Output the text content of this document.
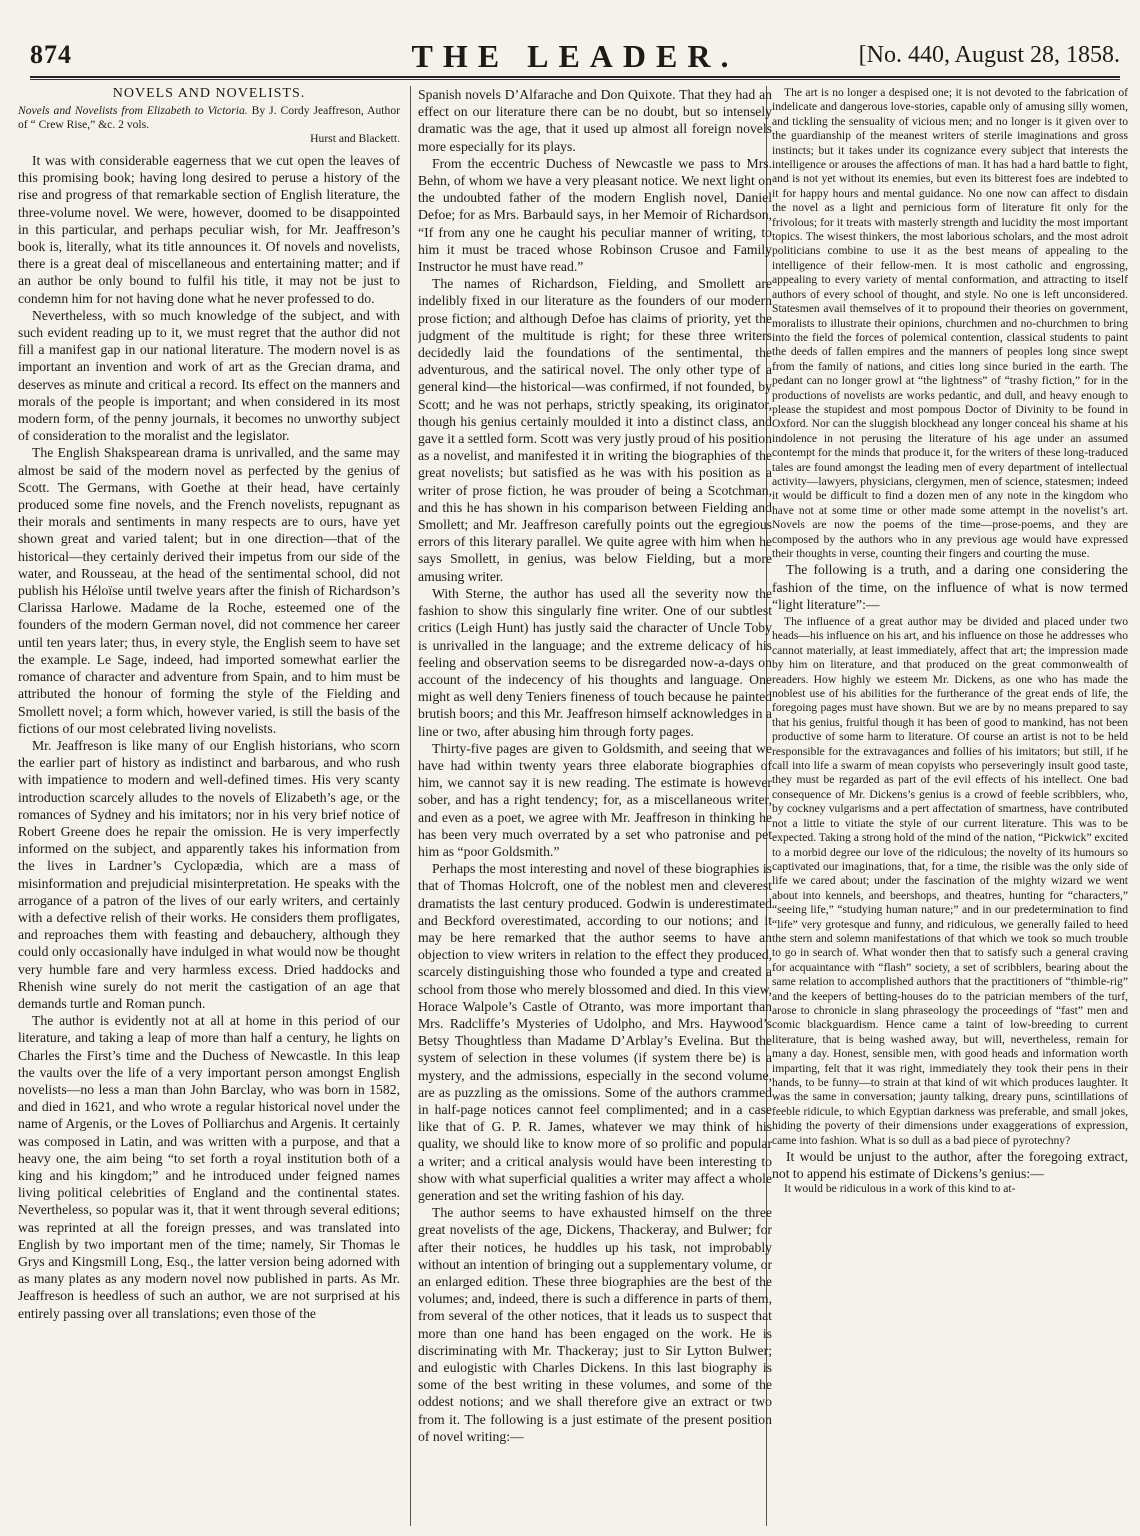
874	THE LEADER.	[No. 440, August 28, 1858.
NOVELS AND NOVELISTS.
Novels and Novelists from Elizabeth to Victoria. By J. Cordy Jeaffreson, Author of “ Crew Rise,” &c. 2 vols.
Hurst and Blackett.

It was with considerable eagerness that we cut open the leaves of this promising book; having long desired to peruse a history of the rise and progress of that remarkable section of English literature, the three-volume novel. We were, however, doomed to be disappointed in this particular, and perhaps peculiar wish, for Mr. Jeaffreson’s book is, literally, what its title announces it. Of novels and novelists, there is a great deal of miscellaneous and entertaining matter; and if an author be only bound to fulfil his title, it may not be just to condemn him for not having done what he never professed to do.

Nevertheless, with so much knowledge of the subject, and with such evident reading up to it, we must regret that the author did not fill a manifest gap in our national literature. The modern novel is as important an invention and work of art as the Grecian drama, and deserves as minute and critical a record. Its effect on the manners and morals of the people is important; and when considered in its most modern form, of the penny journals, it becomes no unworthy subject of consideration to the moralist and the legislator.

The English Shakspearean drama is unrivalled, and the same may almost be said of the modern novel as perfected by the genius of Scott. The Germans, with Goethe at their head, have certainly produced some fine novels, and the French novelists, repugnant as their morals and sentiments in many respects are to ours, have yet shown great and varied talent; but in one direction—that of the historical—they certainly derived their impetus from our side of the water, and Rousseau, at the head of the sentimental school, did not publish his Héloïse until twelve years after the finish of Richardson’s Clarissa Harlowe. Madame de la Roche, esteemed one of the founders of the modern German novel, did not commence her career until ten years later; thus, in every style, the English seem to have set the example. Le Sage, indeed, had imported somewhat earlier the romance of character and adventure from Spain, and to him must be attributed the honour of forming the style of the Fielding and Smollett novel; a form which, however varied, is still the basis of the fictions of our most celebrated living novelists.

Mr. Jeaffreson is like many of our English historians, who scorn the earlier part of history as indistinct and barbarous, and who rush with impatience to modern and well-defined times. His very scanty introduction scarcely alludes to the novels of Elizabeth’s age, or the romances of Sydney and his imitators; nor in his very brief notice of Robert Greene does he repair the omission. He is very imperfectly informed on the subject, and apparently takes his information from the lives in Lardner’s Cyclopædia, which are a mass of misinformation and prejudicial misinterpretation. He speaks with the arrogance of a patron of the lives of our early writers, and certainly with a defective relish of their works. He considers them profligates, and reproaches them with feasting and debauchery, although they could only occasionally have indulged in what would now be thought very humble fare and very harmless excess. Dried haddocks and Rhenish wine surely do not merit the castigation of an age that demands turtle and Roman punch.

The author is evidently not at all at home in this period of our literature, and taking a leap of more than half a century, he lights on Charles the First’s time and the Duchess of Newcastle. In this leap the vaults over the life of a very important person amongst English novelists—no less a man than John Barclay, who was born in 1582, and died in 1621, and who wrote a regular historical novel under the name of Argenis, or the Loves of Polliarchus and Argenis. It certainly was composed in Latin, and was written with a purpose, and that a heavy one, the aim being “to set forth a royal institution both of a king and his kingdom;” and he introduced under feigned names living political celebrities of England and the continental states. Nevertheless, so popular was it, that it went through several editions; was reprinted at all the foreign presses, and was translated into English by two important men of the time; namely, Sir Thomas le Grys and Kingsmill Long, Esq., the latter version being adorned with as many plates as any modern novel now published in parts. As Mr. Jeaffreson is heedless of such an author, we are not surprised at his entirely passing over all translations; even those of the

Spanish novels D’Alfarache and Don Quixote. That they had an effect on our literature there can be no doubt, but so intensely dramatic was the age, that it used up almost all foreign novels more especially for its plays.

From the eccentric Duchess of Newcastle we pass to Mrs. Behn, of whom we have a very pleasant notice. We next light on the undoubted father of the modern English novel, Daniel Defoe; for as Mrs. Barbauld says, in her Memoir of Richardson, “If from any one he caught his peculiar manner of writing, to him it must be traced whose Robinson Crusoe and Family Instructor he must have read.”

The names of Richardson, Fielding, and Smollett are indelibly fixed in our literature as the founders of our modern prose fiction; and although Defoe has claims of priority, yet the judgment of the multitude is right; for these three writers decidedly laid the foundations of the sentimental, the adventurous, and the satirical novel. The only other type of a general kind—the historical—was confirmed, if not founded, by Scott; and he was not perhaps, strictly speaking, its originator, though his genius certainly moulded it into a distinct class, and gave it a settled form. Scott was very justly proud of his position as a novelist, and manifested it in writing the biographies of the great novelists; but satisfied as he was with his position as a writer of prose fiction, he was prouder of being a Scotchman, and this he has shown in his comparison between Fielding and Smollett; and Mr. Jeaffreson carefully points out the egregious errors of this literary parallel. We quite agree with him when he says Smollett, in genius, was below Fielding, but a more amusing writer.

With Sterne, the author has used all the severity now the fashion to show this singularly fine writer. One of our subtlest critics (Leigh Hunt) has justly said the character of Uncle Toby is unrivalled in the language; and the extreme delicacy of his feeling and observation seems to be disregarded now-a-days on account of the indecency of his thoughts and language. One might as well deny Teniers fineness of touch because he painted brutish boors; and this Mr. Jeaffreson himself acknowledges in a line or two, after abusing him through forty pages.

Thirty-five pages are given to Goldsmith, and seeing that we have had within twenty years three elaborate biographies of him, we cannot say it is new reading. The estimate is however sober, and has a right tendency; for, as a miscellaneous writer, and even as a poet, we agree with Mr. Jeaffreson in thinking he has been very much overrated by a set who patronise and pet him as “poor Goldsmith.”

Perhaps the most interesting and novel of these biographies is that of Thomas Holcroft, one of the noblest men and cleverest dramatists the last century produced. Godwin is underestimated and Beckford overestimated, according to our notions; and it may be here remarked that the author seems to have an objection to view writers in relation to the effect they produced, scarcely distinguishing those who founded a type and created a school from those who merely blossomed and died. In this view, Horace Walpole’s Castle of Otranto, was more important than Mrs. Radcliffe’s Mysteries of Udolpho, and Mrs. Haywood’s Betsy Thoughtless than Madame D’Arblay’s Evelina. But the system of selection in these volumes (if system there be) is a mystery, and the admissions, especially in the second volume, are as puzzling as the omissions. Some of the authors crammed in half-page notices cannot feel complimented; and in a case like that of G. P. R. James, whatever we may think of his quality, we should like to know more of so prolific and popular a writer; and a critical analysis would have been interesting to show with what superficial qualities a writer may affect a whole generation and set the writing fashion of his day.

The author seems to have exhausted himself on the three great novelists of the age, Dickens, Thackeray, and Bulwer; for after their notices, he huddles up his task, not improbably without an intention of bringing out a supplementary volume, or an enlarged edition. These three biographies are the best of the volumes; and, indeed, there is such a difference in parts of them, from several of the other notices, that it leads us to suspect that more than one hand has been engaged on the work. He is discriminating with Mr. Thackeray; just to Sir Lytton Bulwer; and eulogistic with Charles Dickens. In this last biography is some of the best writing in these volumes, and some of the oddest notions; and we shall therefore give an extract or two from it. The following is a just estimate of the present position of novel writing:—

The art is no longer a despised one; it is not devoted to the fabrication of indelicate and dangerous love-stories, capable only of amusing silly women, and tickling the sensuality of vicious men; and no longer is it given over to the guardianship of the meanest writers of sterile imaginations and gross instincts; but it takes under its cognizance every subject that interests the intelligence or arouses the affections of man. It has had a hard battle to fight, and is not yet without its enemies, but even its bitterest foes are indebted to it for happy hours and mental guidance. No one now can affect to disdain the novel as a light and pernicious form of literature fit only for the frivolous; for it treats with masterly strength and lucidity the most important topics. The wisest thinkers, the most laborious scholars, and the most adroit politicians combine to use it as the best means of appealing to the intelligence of their fellow-men. It is most catholic and engrossing, appealing to every variety of mental conformation, and attracting to itself authors of every school of thought, and style. No one is left unconsidered. Statesmen avail themselves of it to propound their theories on government, moralists to illustrate their opinions, churchmen and no-churchmen to bring into the field the forces of polemical contention, classical students to paint the deeds of fallen empires and the manners of peoples long since swept from the family of nations, and cities long since buried in the earth. The pedant can no longer growl at “the lightness” of “trashy fiction,” for in the productions of novelists are works pedantic, and dull, and heavy enough to please the stupidest and most pompous Doctor of Divinity to be found in Oxford. Nor can the sluggish blockhead any longer conceal his shame at his indolence in not perusing the literature of his age under an assumed contempt for the minds that produce it, for the writers of these long-traduced tales are found amongst the leading men of every department of intellectual activity—lawyers, physicians, clergymen, men of science, statesmen; indeed it would be difficult to find a dozen men of any note in the kingdom who have not at some time or other made some attempt in the novelist’s art. Novels are now the poems of the time—prose-poems, and they are composed by the authors who in any previous age would have expressed their thoughts in verse, counting their fingers and courting the muse.

The following is a truth, and a daring one considering the fashion of the time, on the influence of what is now termed “light literature”:—

The influence of a great author may be divided and placed under two heads—his influence on his art, and his influence on those he addresses who cannot materially, at least immediately, affect that art; the impression made by him on literature, and that produced on the great commonwealth of readers. How highly we esteem Mr. Dickens, as one who has made the noblest use of his abilities for the furtherance of the great ends of life, the foregoing pages must have shown. But we are by no means prepared to say that his genius, fruitful though it has been of good to mankind, has not been productive of some harm to literature. Of course an artist is not to be held responsible for the extravagances and follies of his imitators; but still, if he call into life a swarm of mean copyists who perseveringly insult good taste, they must be regarded as part of the evil effects of his intellect. One bad consequence of Mr. Dickens’s genius is a crowd of feeble scribblers, who, by cockney vulgarisms and a pert affectation of smartness, have contributed not a little to vitiate the style of our current literature. This was to be expected. Taking a strong hold of the mind of the nation, “Pickwick” excited to a morbid degree our love of the ridiculous; the novelty of its humours so captivated our imaginations, that, for a time, the risible was the only side of life we cared about; under the fascination of the mighty wizard we went about into kennels, and beershops, and theatres, hunting for “characters,” “seeing life,” “studying human nature;” and in our predetermination to find “life” very grotesque and funny, and ridiculous, we generally failed to heed the stern and solemn manifestations of that which we took so much trouble to go in search of. What wonder then that to satisfy such a general craving for acquaintance with “flash” society, a set of scribblers, bearing about the same relation to accomplished authors that the practitioners of “thimble-rig” and the keepers of betting-houses do to the patrician members of the turf, arose to chronicle in slang phraseology the proceedings of “fast” men and comic blackguardism. Hence came a taint of low-breeding to current literature, that is being washed away, but will, nevertheless, remain for many a day. Honest, sensible men, with good heads and information worth imparting, felt that it was right, immediately they took their pens in their hands, to be funny—to strain at that kind of wit which produces laughter. It was the same in conversation; jaunty talking, dreary puns, scintillations of feeble ridicule, to which Egyptian darkness was preferable, and small jokes, hiding the poverty of their dimensions under exaggerations of expression, came into fashion. What is so dull as a bad piece of pyrotechny?

It would be unjust to the author, after the foregoing extract, not to append his estimate of Dickens’s genius:—

It would be ridiculous in a work of this kind to at-
